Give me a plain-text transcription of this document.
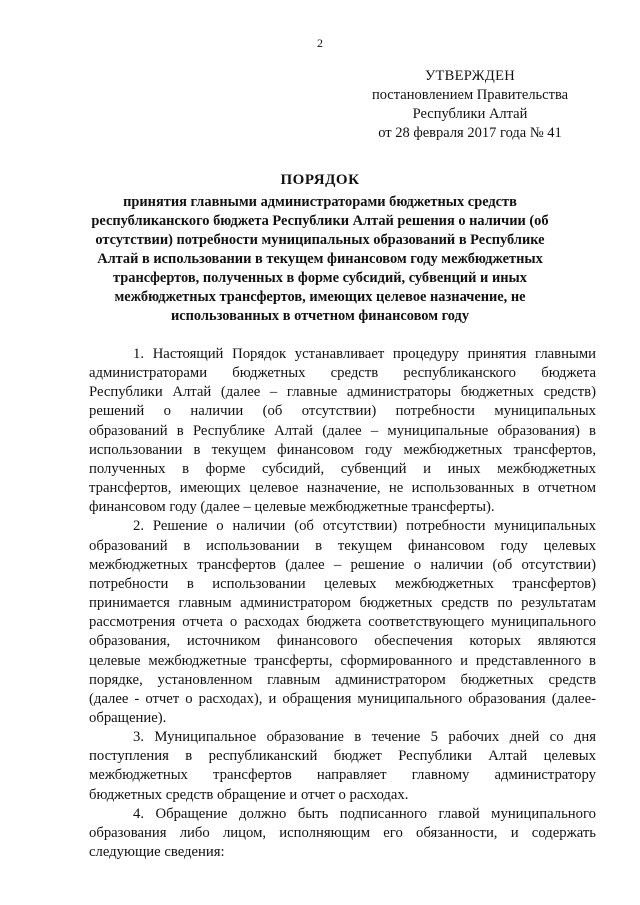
2
УТВЕРЖДЕН
постановлением Правительства
Республики Алтай
от 28 февраля 2017 года № 41
ПОРЯДОК
принятия главными администраторами бюджетных средств
республиканского бюджета Республики Алтай решения о наличии (об
отсутствии) потребности муниципальных образований в Республике
Алтай в использовании в текущем финансовом году межбюджетных
трансфертов, полученных в форме субсидий, субвенций и иных
межбюджетных трансфертов, имеющих целевое назначение, не
использованных в отчетном финансовом году
1. Настоящий Порядок устанавливает процедуру принятия главными
администраторами бюджетных средств республиканского бюджета
Республики Алтай (далее – главные администраторы бюджетных средств)
решений о наличии (об отсутствии) потребности муниципальных
образований в Республике Алтай (далее – муниципальные образования) в
использовании в текущем финансовом году межбюджетных трансфертов,
полученных в форме субсидий, субвенций и иных межбюджетных
трансфертов, имеющих целевое назначение, не использованных в отчетном
финансовом году (далее – целевые межбюджетные трансферты).
2. Решение о наличии (об отсутствии) потребности муниципальных
образований в использовании в текущем финансовом году целевых
межбюджетных трансфертов (далее – решение о наличии (об отсутствии)
потребности в использовании целевых межбюджетных трансфертов)
принимается главным администратором бюджетных средств по результатам
рассмотрения отчета о расходах бюджета соответствующего муниципального
образования, источником финансового обеспечения которых являются
целевые межбюджетные трансферты, сформированного и представленного в
порядке, установленном главным администратором бюджетных средств
(далее - отчет о расходах), и обращения муниципального образования (далее-
обращение).
3. Муниципальное образование в течение 5 рабочих дней со дня
поступления в республиканский бюджет Республики Алтай целевых
межбюджетных трансфертов направляет главному администратору
бюджетных средств обращение и отчет о расходах.
4. Обращение должно быть подписанного главой муниципального
образования либо лицом, исполняющим его обязанности, и содержать
следующие сведения:
